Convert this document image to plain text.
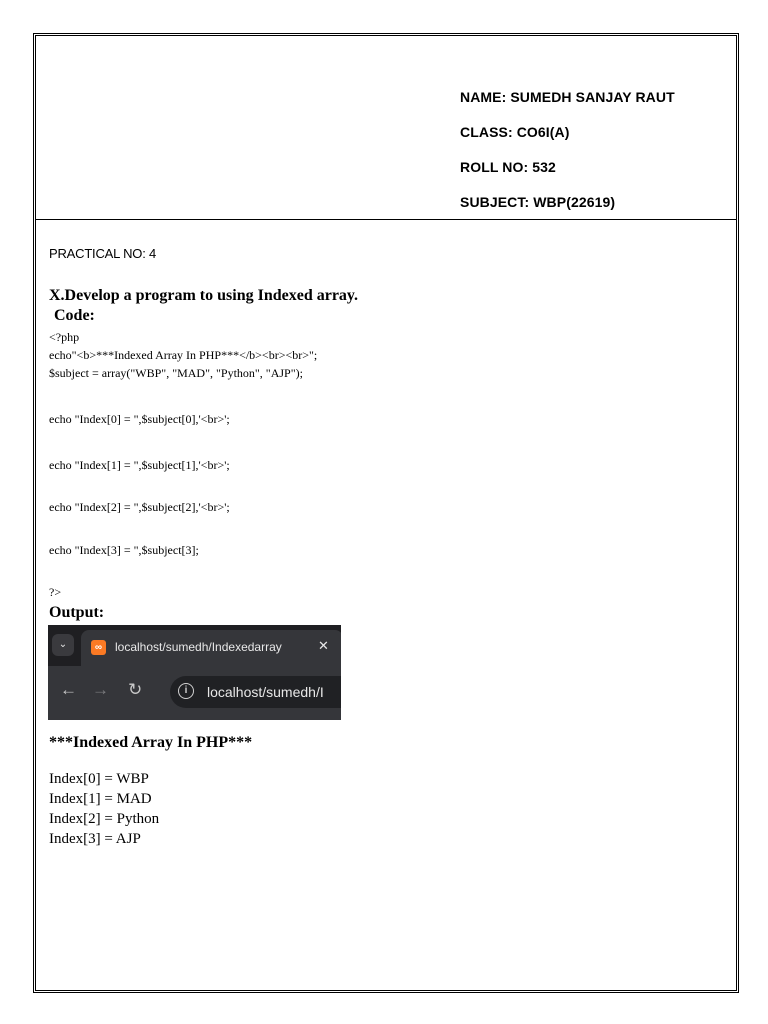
NAME: SUMEDH SANJAY RAUT
CLASS: CO6I(A)
ROLL NO: 532
SUBJECT: WBP(22619)
PRACTICAL NO: 4
X.Develop a program to using Indexed array.
Code:
<?php
echo"<b>***Indexed Array In PHP***</b><br><br>";
$subject = array("WBP", "MAD", "Python", "AJP");
echo "Index[0] = ",$subject[0],'<br>';
echo "Index[1] = ",$subject[1],'<br>';
echo "Index[2] = ",$subject[2],'<br>';
echo "Index[3] = ",$subject[3];
?>
Output:
⌄	∞	localhost/sumedh/Indexedarray	✕
← → ↻	i	localhost/sumedh/I
***Indexed Array In PHP***
Index[0] = WBP
Index[1] = MAD
Index[2] = Python
Index[3] = AJP
